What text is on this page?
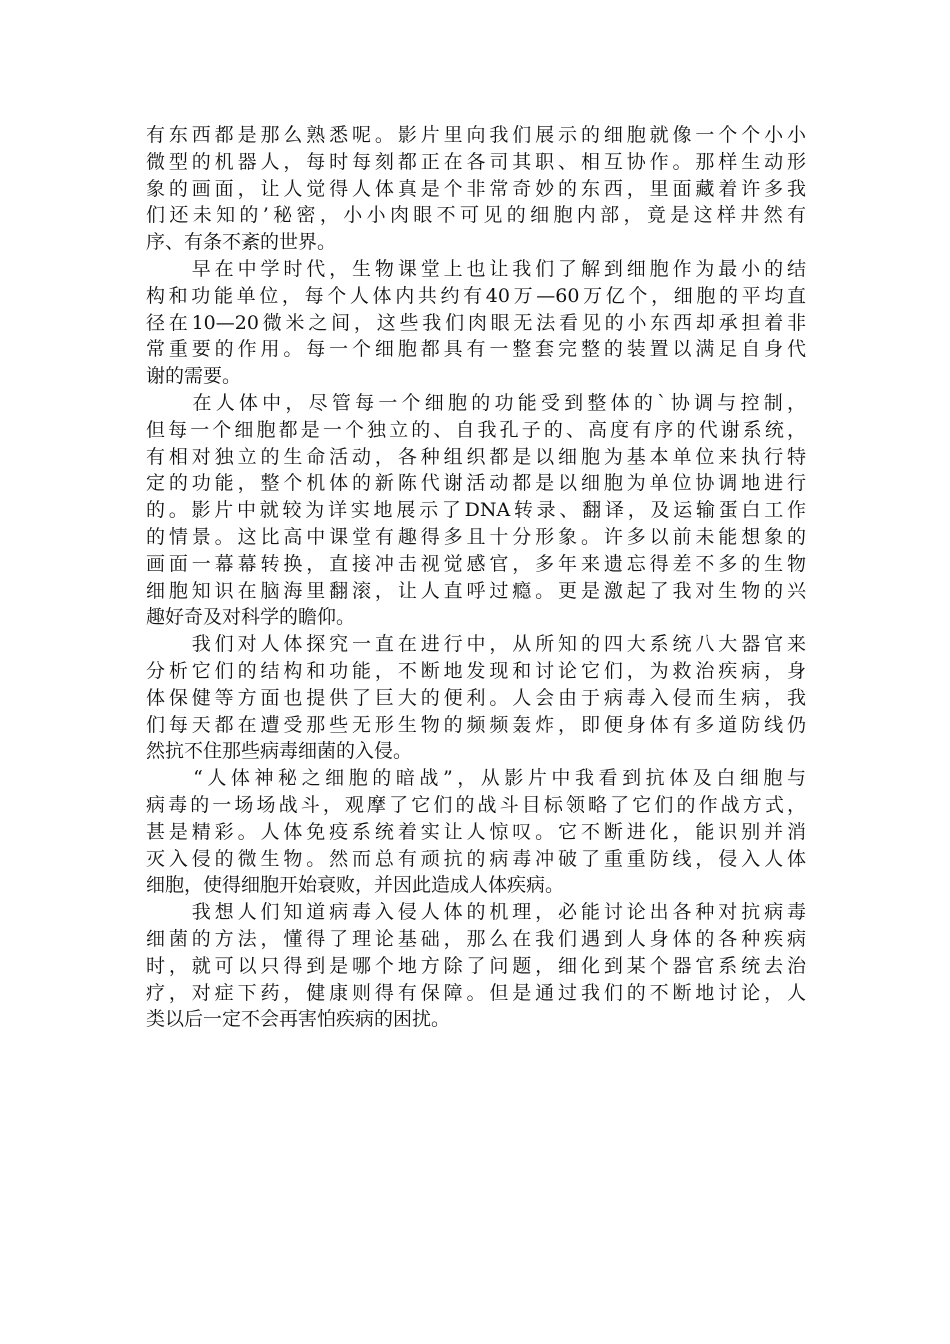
有东西都是那么熟悉呢。影片里向我们展示的细胞就像一个个小小
微型的机器人，每时每刻都正在各司其职、相互协作。那样生动形
象的画面，让人觉得人体真是个非常奇妙的东西，里面藏着许多我
们还未知的’秘密，小小肉眼不可见的细胞内部，竟是这样井然有
序、有条不紊的世界。
　　早在中学时代，生物课堂上也让我们了解到细胞作为最小的结
构和功能单位，每个人体内共约有40万—60万亿个，细胞的平均直
径在10—20微米之间，这些我们肉眼无法看见的小东西却承担着非
常重要的作用。每一个细胞都具有一整套完整的装置以满足自身代
谢的需要。
　　在人体中，尽管每一个细胞的功能受到整体的`协调与控制，
但每一个细胞都是一个独立的、自我孔子的、高度有序的代谢系统，
有相对独立的生命活动，各种组织都是以细胞为基本单位来执行特
定的功能，整个机体的新陈代谢活动都是以细胞为单位协调地进行
的。影片中就较为详实地展示了DNA转录、翻译，及运输蛋白工作
的情景。这比高中课堂有趣得多且十分形象。许多以前未能想象的
画面一幕幕转换，直接冲击视觉感官，多年来遗忘得差不多的生物
细胞知识在脑海里翻滚，让人直呼过瘾。更是激起了我对生物的兴
趣好奇及对科学的瞻仰。
　　我们对人体探究一直在进行中，从所知的四大系统八大器官来
分析它们的结构和功能，不断地发现和讨论它们，为救治疾病，身
体保健等方面也提供了巨大的便利。人会由于病毒入侵而生病，我
们每天都在遭受那些无形生物的频频轰炸，即便身体有多道防线仍
然抗不住那些病毒细菌的入侵。
　　“人体神秘之细胞的暗战”，从影片中我看到抗体及白细胞与
病毒的一场场战斗，观摩了它们的战斗目标领略了它们的作战方式，
甚是精彩。人体免疫系统着实让人惊叹。它不断进化，能识别并消
灭入侵的微生物。然而总有顽抗的病毒冲破了重重防线，侵入人体
细胞，使得细胞开始衰败，并因此造成人体疾病。
　　我想人们知道病毒入侵人体的机理，必能讨论出各种对抗病毒
细菌的方法，懂得了理论基础，那么在我们遇到人身体的各种疾病
时，就可以只得到是哪个地方除了问题，细化到某个器官系统去治
疗，对症下药，健康则得有保障。但是通过我们的不断地讨论，人
类以后一定不会再害怕疾病的困扰。
